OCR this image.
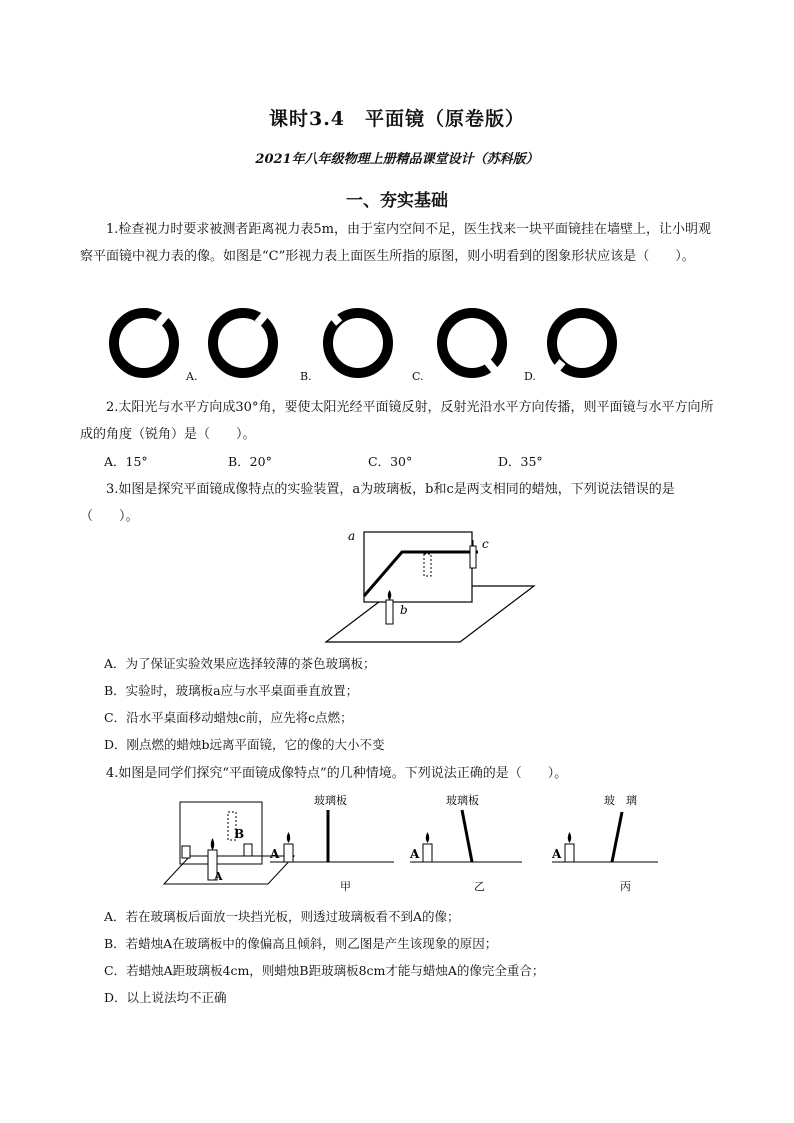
课时3.4　平面镜（原卷版）
2021年八年级物理上册精品课堂设计（苏科版）
一、夯实基础
1.检查视力时要求被测者距离视力表5m，由于室内空间不足，医生找来一块平面镜挂在墙壁上，让小明观察平面镜中视力表的像。如图是“C”形视力表上面医生所指的原图，则小明看到的图象形状应该是（　　）。
A.	B.	C.	D.
2.太阳光与水平方向成30°角，要使太阳光经平面镜反射，反射光沿水平方向传播，则平面镜与水平方向所成的角度（锐角）是（　　）。
A．15°	B．20°	C．30°	D．35°
3.如图是探究平面镜成像特点的实验装置，a为玻璃板，b和c是两支相同的蜡烛，下列说法错误的是（　　）。
a
b
c
A．为了保证实验效果应选择较薄的茶色玻璃板；
B．实验时，玻璃板a应与水平桌面垂直放置；
C．沿水平桌面移动蜡烛c前，应先将c点燃；
D．刚点燃的蜡烛b远离平面镜，它的像的大小不变
4.如图是同学们探究“平面镜成像特点”的几种情境。下列说法正确的是（　　）。
B
A
A
玻璃板
甲
A
玻璃板
乙
A
玻　璃
丙
A．若在玻璃板后面放一块挡光板，则透过玻璃板看不到A的像；
B．若蜡烛A在玻璃板中的像偏高且倾斜，则乙图是产生该现象的原因；
C．若蜡烛A距玻璃板4cm，则蜡烛B距玻璃板8cm才能与蜡烛A的像完全重合；
D．以上说法均不正确
